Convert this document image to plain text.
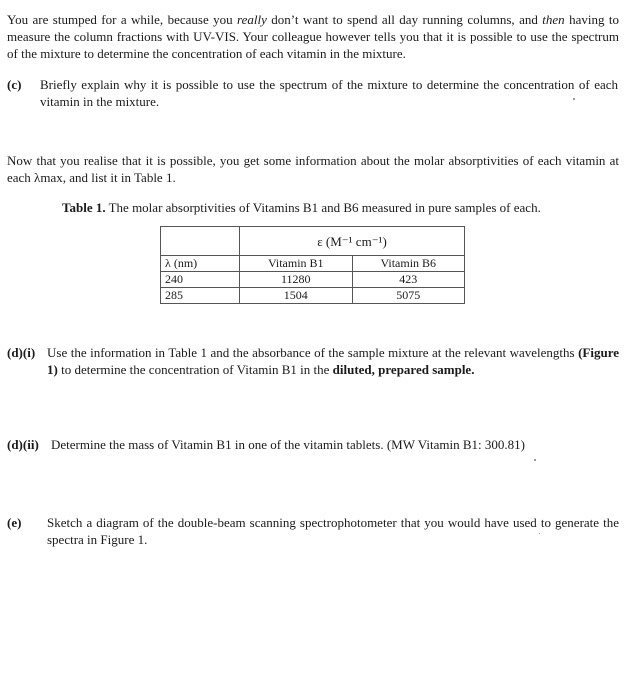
You are stumped for a while, because you really don’t want to spend all day running columns, and then having to measure the column fractions with UV-VIS. Your colleague however tells you that it is possible to use the spectrum of the mixture to determine the concentration of each vitamin in the mixture.

(c) Briefly explain why it is possible to use the spectrum of the mixture to determine the concentration of each vitamin in the mixture.

Now that you realise that it is possible, you get some information about the molar absorptivities of each vitamin at each λmax, and list it in Table 1.

Table 1. The molar absorptivities of Vitamins B1 and B6 measured in pure samples of each.

	ε (M⁻¹ cm⁻¹)	
λ (nm)	Vitamin B1	Vitamin B6
240	11280	423
285	1504	5075
(d)(i) Use the information in Table 1 and the absorbance of the sample mixture at the relevant wavelengths (Figure 1) to determine the concentration of Vitamin B1 in the diluted, prepared sample.

(d)(ii) Determine the mass of Vitamin B1 in one of the vitamin tablets. (MW Vitamin B1: 300.81)

(e) Sketch a diagram of the double-beam scanning spectrophotometer that you would have used to generate the spectra in Figure 1.
